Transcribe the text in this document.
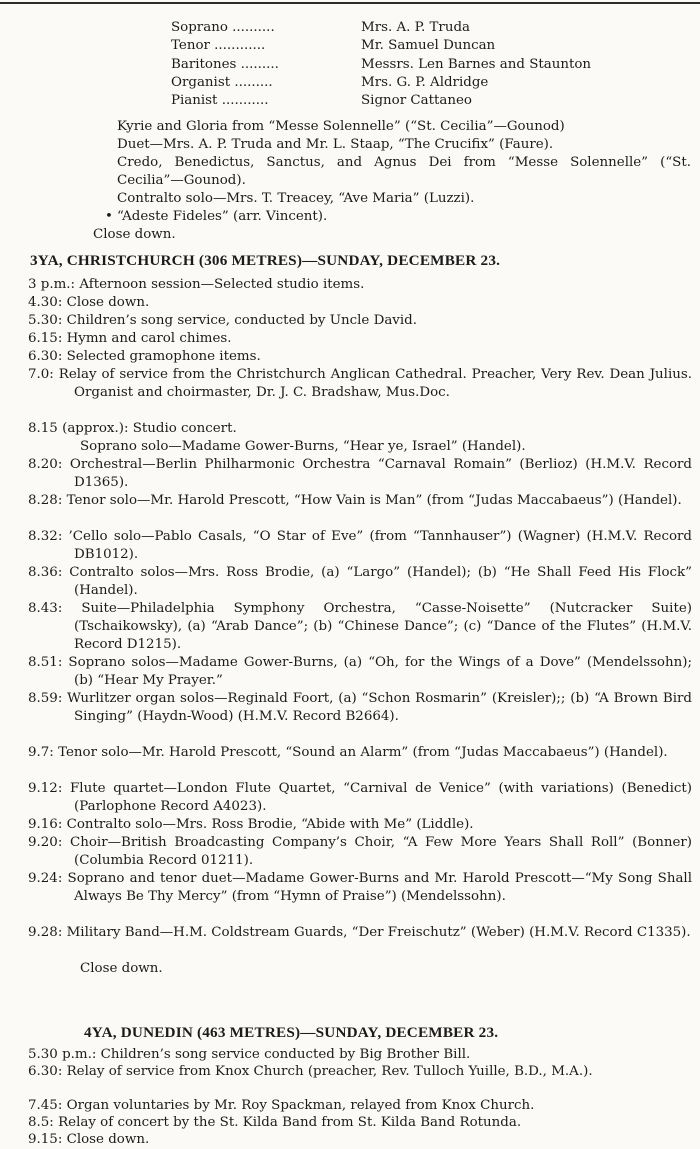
Soprano ..........	Mrs. A. P. Truda
Tenor ............	Mr. Samuel Duncan
Baritones .........	Messrs. Len Barnes and Staunton
Organist .........	Mrs. G. P. Aldridge
Pianist ...........	Signor Cattaneo
Kyrie and Gloria from “Messe Solennelle” (“St. Cecilia”—Gounod)
Duet—Mrs. A. P. Truda and Mr. L. Staap, “The Crucifix” (Faure).
Credo, Benedictus, Sanctus, and Agnus Dei from “Messe Solennelle” (“St. Cecilia”—Gounod).
Contralto solo—Mrs. T. Treacey, “Ave Maria” (Luzzi).
• “Adeste Fideles” (arr. Vincent).
Close down.
3YA, CHRISTCHURCH (306 METRES)—SUNDAY, DECEMBER 23.
3 p.m.: Afternoon session—Selected studio items.
4.30: Close down.
5.30: Children’s song service, conducted by Uncle David.
6.15: Hymn and carol chimes.
6.30: Selected gramophone items.
7.0: Relay of service from the Christchurch Anglican Cathedral. Preacher, Very Rev. Dean Julius. Organist and choirmaster, Dr. J. C. Bradshaw, Mus.Doc.
8.15 (approx.): Studio concert.
Soprano solo—Madame Gower-Burns, “Hear ye, Israel” (Handel).
8.20: Orchestral—Berlin Philharmonic Orchestra “Carnaval Romain” (Berlioz) (H.M.V. Record D1365).
8.28: Tenor solo—Mr. Harold Prescott, “How Vain is Man” (from “Judas Maccabaeus”) (Handel).
8.32: ’Cello solo—Pablo Casals, “O Star of Eve” (from “Tannhauser”) (Wagner) (H.M.V. Record DB1012).
8.36: Contralto solos—Mrs. Ross Brodie, (a) “Largo” (Handel); (b) “He Shall Feed His Flock” (Handel).
8.43: Suite—Philadelphia Symphony Orchestra, “Casse-Noisette” (Nutcracker Suite) (Tschaikowsky), (a) “Arab Dance”; (b) “Chinese Dance”; (c) “Dance of the Flutes” (H.M.V. Record D1215).
8.51: Soprano solos—Madame Gower-Burns, (a) “Oh, for the Wings of a Dove” (Mendelssohn); (b) “Hear My Prayer.”
8.59: Wurlitzer organ solos—Reginald Foort, (a) “Schon Rosmarin” (Kreisler);; (b) “A Brown Bird Singing” (Haydn-Wood) (H.M.V. Record B2664).
9.7: Tenor solo—Mr. Harold Prescott, “Sound an Alarm” (from “Judas Maccabaeus”) (Handel).
9.12: Flute quartet—London Flute Quartet, “Carnival de Venice” (with variations) (Benedict) (Parlophone Record A4023).
9.16: Contralto solo—Mrs. Ross Brodie, “Abide with Me” (Liddle).
9.20: Choir—British Broadcasting Company’s Choir, “A Few More Years Shall Roll” (Bonner) (Columbia Record 01211).
9.24: Soprano and tenor duet—Madame Gower-Burns and Mr. Harold Prescott—“My Song Shall Always Be Thy Mercy” (from “Hymn of Praise”) (Mendelssohn).
9.28: Military Band—H.M. Coldstream Guards, “Der Freischutz” (Weber) (H.M.V. Record C1335).
Close down.
4YA, DUNEDIN (463 METRES)—SUNDAY, DECEMBER 23.
5.30 p.m.: Children’s song service conducted by Big Brother Bill.
6.30: Relay of service from Knox Church (preacher, Rev. Tulloch Yuille, B.D., M.A.).
7.45: Organ voluntaries by Mr. Roy Spackman, relayed from Knox Church.
8.5: Relay of concert by the St. Kilda Band from St. Kilda Band Rotunda.
9.15: Close down.
